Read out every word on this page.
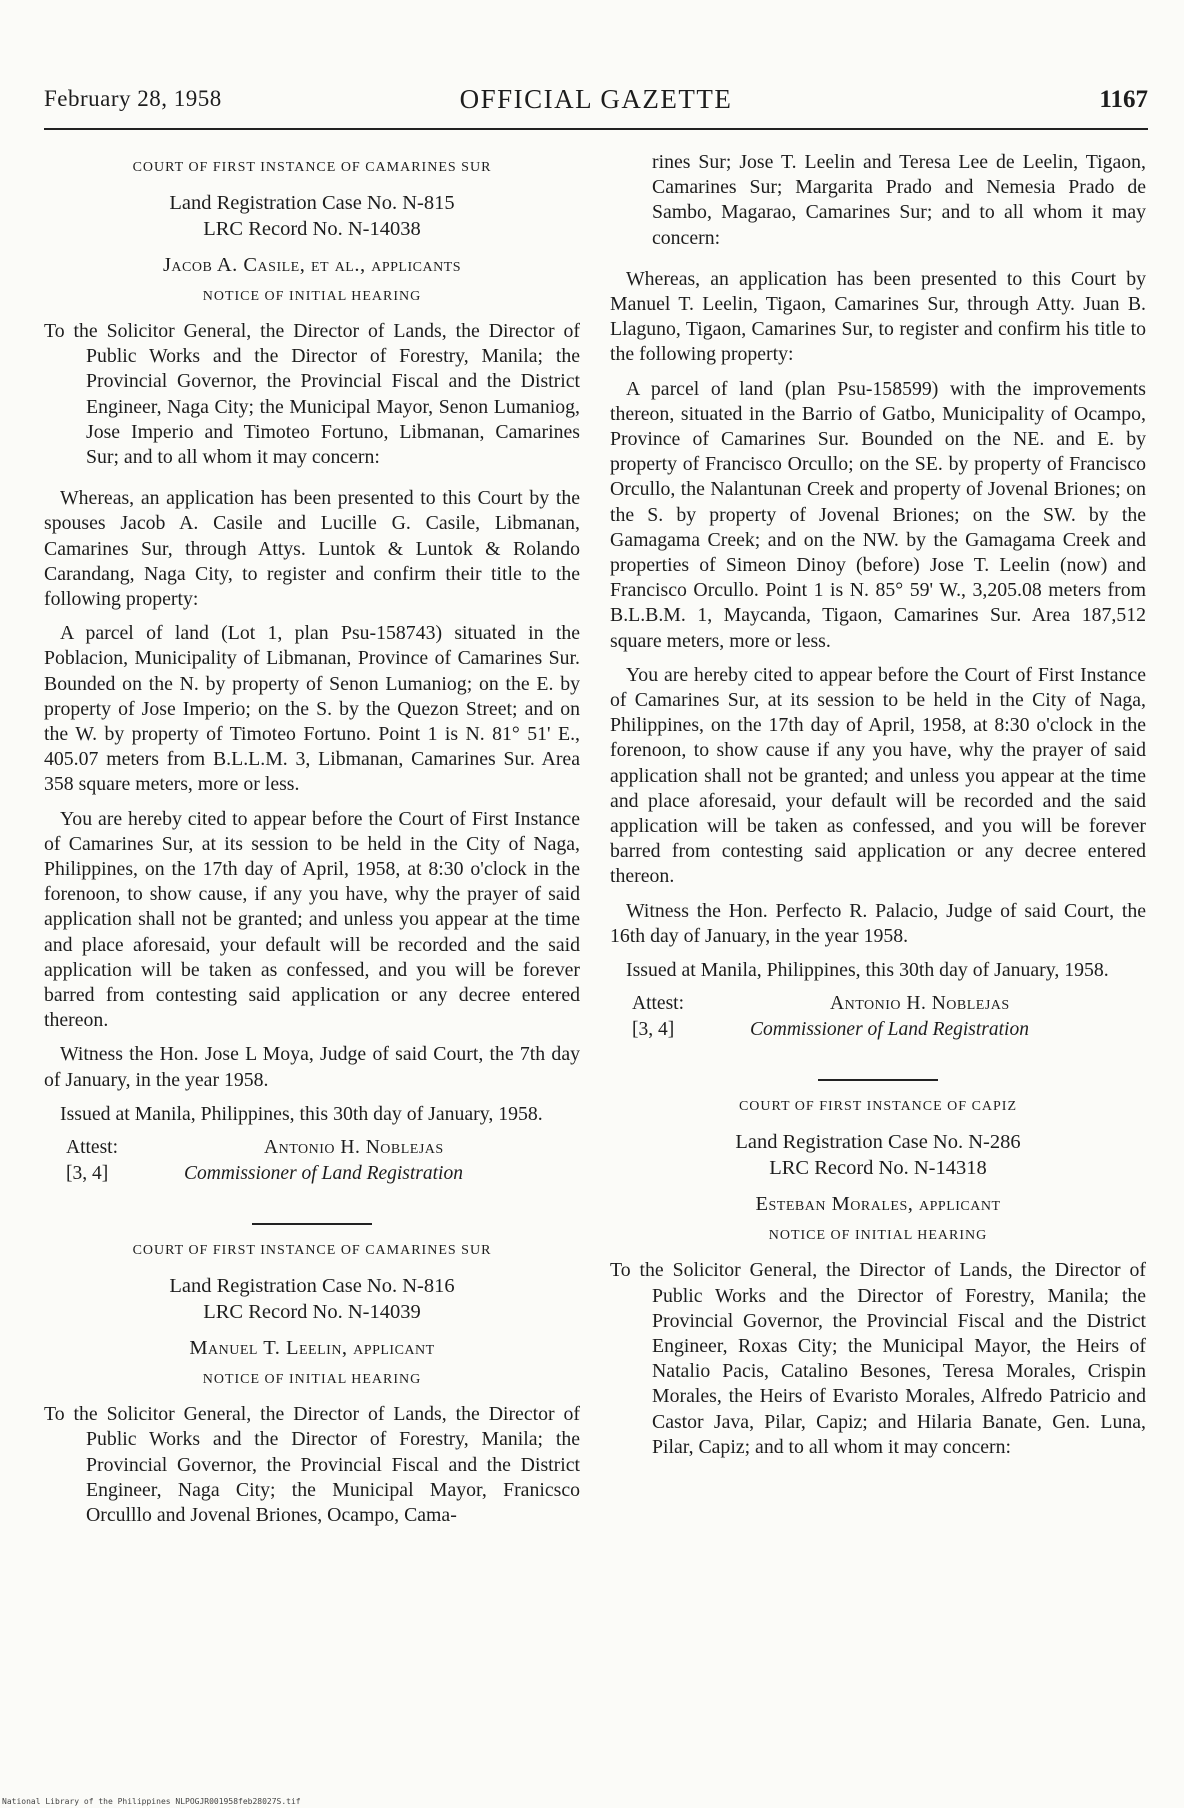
February 28, 1958	OFFICIAL GAZETTE	1167
COURT OF FIRST INSTANCE OF CAMARINES SUR
Land Registration Case No. N-815
LRC Record No. N-14038
Jacob A. Casile, et al., applicants
NOTICE OF INITIAL HEARING

To the Solicitor General, the Director of Lands, the Director of Public Works and the Director of Forestry, Manila; the Provincial Governor, the Provincial Fiscal and the District Engineer, Naga City; the Municipal Mayor, Senon Lumaniog, Jose Imperio and Timoteo Fortuno, Libmanan, Camarines Sur; and to all whom it may concern:

Whereas, an application has been presented to this Court by the spouses Jacob A. Casile and Lucille G. Casile, Libmanan, Camarines Sur, through Attys. Luntok & Luntok & Rolando Carandang, Naga City, to register and confirm their title to the following property:

A parcel of land (Lot 1, plan Psu-158743) situated in the Poblacion, Municipality of Libmanan, Province of Camarines Sur. Bounded on the N. by property of Senon Lumaniog; on the E. by property of Jose Imperio; on the S. by the Quezon Street; and on the W. by property of Timoteo Fortuno. Point 1 is N. 81° 51' E., 405.07 meters from B.L.L.M. 3, Libmanan, Camarines Sur. Area 358 square meters, more or less.

You are hereby cited to appear before the Court of First Instance of Camarines Sur, at its session to be held in the City of Naga, Philippines, on the 17th day of April, 1958, at 8:30 o'clock in the forenoon, to show cause, if any you have, why the prayer of said application shall not be granted; and unless you appear at the time and place aforesaid, your default will be recorded and the said application will be taken as confessed, and you will be forever barred from contesting said application or any decree entered thereon.

Witness the Hon. Jose L Moya, Judge of said Court, the 7th day of January, in the year 1958.

Issued at Manila, Philippines, this 30th day of January, 1958.

Attest:
[3, 4]
Antonio H. Noblejas
Commissioner of Land Registration
COURT OF FIRST INSTANCE OF CAMARINES SUR
Land Registration Case No. N-816
LRC Record No. N-14039
Manuel T. Leelin, applicant
NOTICE OF INITIAL HEARING

To the Solicitor General, the Director of Lands, the Director of Public Works and the Director of Forestry, Manila; the Provincial Governor, the Provincial Fiscal and the District Engineer, Naga City; the Municipal Mayor, Franicsco Orculllo and Jovenal Briones, Ocampo, Cama-

rines Sur; Jose T. Leelin and Teresa Lee de Leelin, Tigaon, Camarines Sur; Margarita Prado and Nemesia Prado de Sambo, Magarao, Camarines Sur; and to all whom it may concern:

Whereas, an application has been presented to this Court by Manuel T. Leelin, Tigaon, Camarines Sur, through Atty. Juan B. Llaguno, Tigaon, Camarines Sur, to register and confirm his title to the following property:

A parcel of land (plan Psu-158599) with the improvements thereon, situated in the Barrio of Gatbo, Municipality of Ocampo, Province of Camarines Sur. Bounded on the NE. and E. by property of Francisco Orcullo; on the SE. by property of Francisco Orcullo, the Nalantunan Creek and property of Jovenal Briones; on the S. by property of Jovenal Briones; on the SW. by the Gamagama Creek; and on the NW. by the Gamagama Creek and properties of Simeon Dinoy (before) Jose T. Leelin (now) and Francisco Orcullo. Point 1 is N. 85° 59' W., 3,205.08 meters from B.L.B.M. 1, Maycanda, Tigaon, Camarines Sur. Area 187,512 square meters, more or less.

You are hereby cited to appear before the Court of First Instance of Camarines Sur, at its session to be held in the City of Naga, Philippines, on the 17th day of April, 1958, at 8:30 o'clock in the forenoon, to show cause if any you have, why the prayer of said application shall not be granted; and unless you appear at the time and place aforesaid, your default will be recorded and the said application will be taken as confessed, and you will be forever barred from contesting said application or any decree entered thereon.

Witness the Hon. Perfecto R. Palacio, Judge of said Court, the 16th day of January, in the year 1958.

Issued at Manila, Philippines, this 30th day of January, 1958.

Attest:
[3, 4]
Antonio H. Noblejas
Commissioner of Land Registration
COURT OF FIRST INSTANCE OF CAPIZ
Land Registration Case No. N-286
LRC Record No. N-14318
Esteban Morales, applicant
NOTICE OF INITIAL HEARING

To the Solicitor General, the Director of Lands, the Director of Public Works and the Director of Forestry, Manila; the Provincial Governor, the Provincial Fiscal and the District Engineer, Roxas City; the Municipal Mayor, the Heirs of Natalio Pacis, Catalino Besones, Teresa Morales, Crispin Morales, the Heirs of Evaristo Morales, Alfredo Patricio and Castor Java, Pilar, Capiz; and Hilaria Banate, Gen. Luna, Pilar, Capiz; and to all whom it may concern:

National Library of the Philippines NLPOGJR001958feb28027S.tif
